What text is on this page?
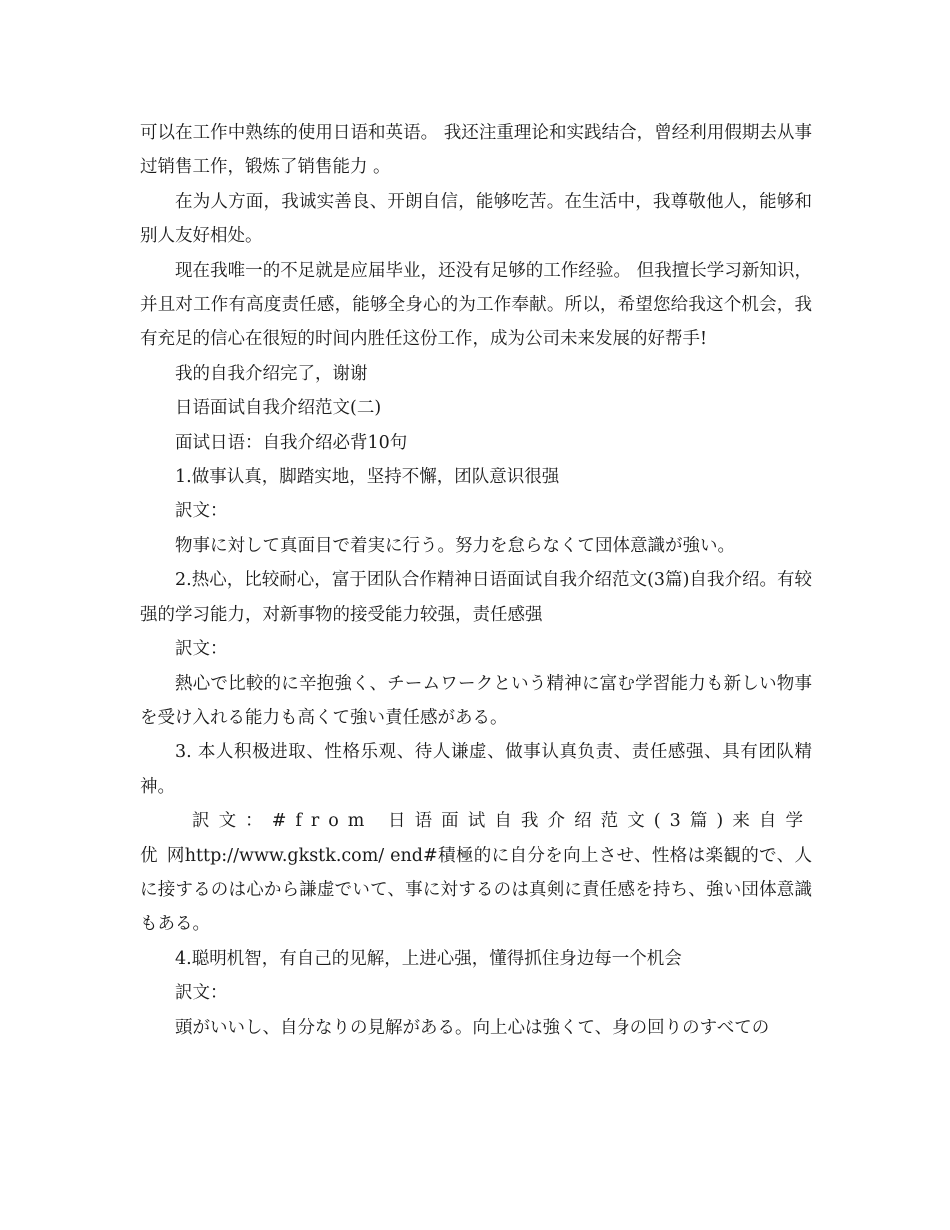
可以在工作中熟练的使用日语和英语。 我还注重理论和实践结合，曾经利用假期去从事过销售工作，锻炼了销售能力 。

在为人方面，我诚实善良、开朗自信，能够吃苦。在生活中，我尊敬他人，能够和别人友好相处。

现在我唯一的不足就是应届毕业，还没有足够的工作经验。 但我擅长学习新知识，并且对工作有高度责任感，能够全身心的为工作奉献。所以，希望您给我这个机会，我有充足的信心在很短的时间内胜任这份工作，成为公司未来发展的好帮手!

我的自我介绍完了，谢谢

日语面试自我介绍范文(二)

面试日语：自我介绍必背10句

1.做事认真，脚踏实地，坚持不懈，团队意识很强

訳文：

物事に対して真面目で着実に行う。努力を怠らなくて団体意識が強い。

2.热心，比较耐心，富于团队合作精神日语面试自我介绍范文(3篇)自我介绍。有较强的学习能力，对新事物的接受能力较强，责任感强

訳文：

熱心で比較的に辛抱強く、チームワークという精神に富む学習能力も新しい物事を受け入れる能力も高くて強い責任感がある。

3. 本人积极进取、性格乐观、待人谦虚、做事认真负责、责任感强、具有团队精神。

訳文：#from 日语面试自我介绍范文(3篇)来自学优网http://www.gkstk.com/ end#積極的に自分を向上させ、性格は楽観的で、人に接するのは心から謙虚でいて、事に対するのは真剣に責任感を持ち、強い団体意識もある。

4.聪明机智，有自己的见解，上进心强，懂得抓住身边每一个机会

訳文：

頭がいいし、自分なりの見解がある。向上心は強くて、身の回りのすべての
